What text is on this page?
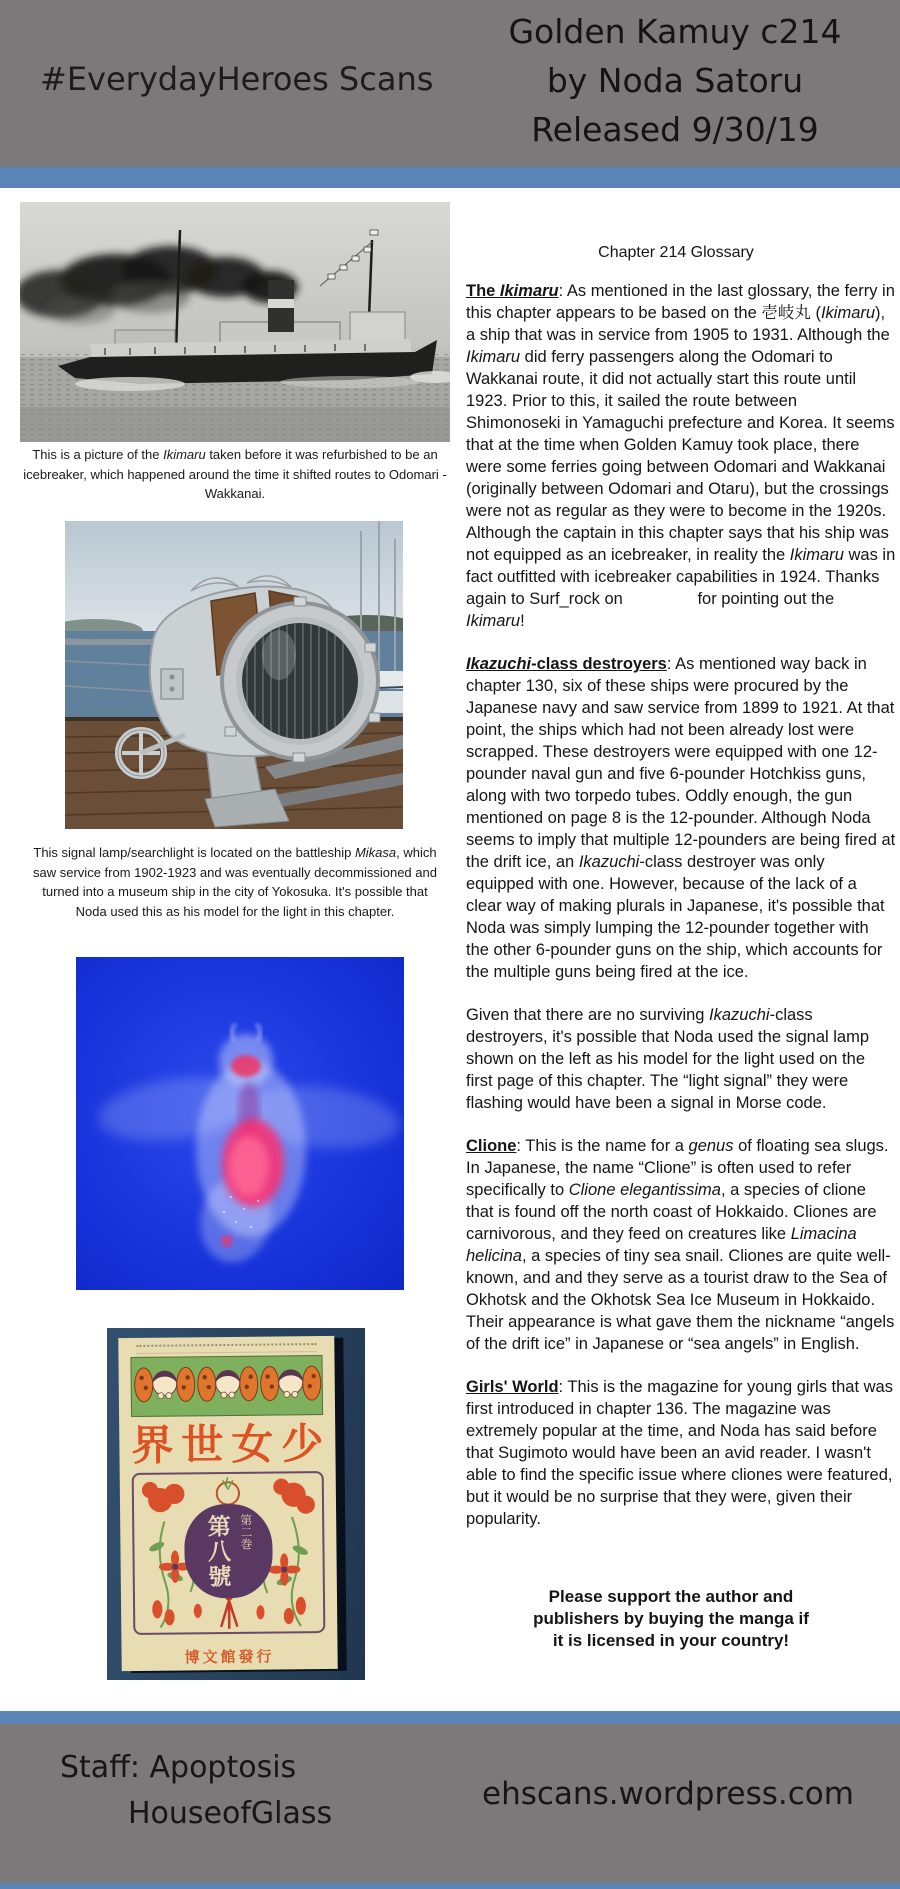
#EverydayHeroes Scans
Golden Kamuy c214
by Noda Satoru
Released 9/30/19
This is a picture of the Ikimaru taken before it was refurbished to be an icebreaker, which happened around the time it shifted routes to Odomari - Wakkanai.
This signal lamp/searchlight is located on the battleship Mikasa, which saw service from 1902-1923 and was eventually decommissioned and turned into a museum ship in the city of Yokosuka. It's possible that Noda used this as his model for the light in this chapter.
界世女少
第二巻
第八號
博文館發行
Chapter 214 Glossary

The Ikimaru: As mentioned in the last glossary, the ferry in this chapter appears to be based on the 壱岐丸 (Ikimaru), a ship that was in service from 1905 to 1931. Although the Ikimaru did ferry passengers along the Odomari to Wakkanai route, it did not actually start this route until 1923. Prior to this, it sailed the route between Shimonoseki in Yamaguchi prefecture and Korea. It seems that at the time when Golden Kamuy took place, there were some ferries going between Odomari and Wakkanai (originally between Odomari and Otaru), but the crossings were not as regular as they were to become in the 1920s. Although the captain in this chapter says that his ship was not equipped as an icebreaker, in reality the Ikimaru was in fact outfitted with icebreaker capabilities in 1924. Thanks again to Surf_rock on	for pointing out the Ikimaru!

Ikazuchi-class destroyers: As mentioned way back in chapter 130, six of these ships were procured by the Japanese navy and saw service from 1899 to 1921. At that point, the ships which had not been already lost were scrapped. These destroyers were equipped with one 12-pounder naval gun and five 6-pounder Hotchkiss guns, along with two torpedo tubes. Oddly enough, the gun mentioned on page 8 is the 12-pounder. Although Noda seems to imply that multiple 12-pounders are being fired at the drift ice, an Ikazuchi-class destroyer was only equipped with one. However, because of the lack of a clear way of making plurals in Japanese, it's possible that Noda was simply lumping the 12-pounder together with the other 6-pounder guns on the ship, which accounts for the multiple guns being fired at the ice.

Given that there are no surviving Ikazuchi-class destroyers, it's possible that Noda used the signal lamp shown on the left as his model for the light used on the first page of this chapter. The “light signal” they were flashing would have been a signal in Morse code.

Clione: This is the name for a genus of floating sea slugs. In Japanese, the name “Clione” is often used to refer specifically to Clione elegantissima, a species of clione that is found off the north coast of Hokkaido. Cliones are carnivorous, and they feed on creatures like Limacina helicina, a species of tiny sea snail. Cliones are quite well-known, and and they serve as a tourist draw to the Sea of Okhotsk and the Okhotsk Sea Ice Museum in Hokkaido. Their appearance is what gave them the nickname “angels of the drift ice” in Japanese or “sea angels” in English.

Girls' World: This is the magazine for young girls that was first introduced in chapter 136. The magazine was extremely popular at the time, and Noda has said before that Sugimoto would have been an avid reader. I wasn't able to find the specific issue where cliones were featured, but it would be no surprise that they were, given their popularity.

Please support the author and
publishers by buying the manga if
it is licensed in your country!
Staff: Apoptosis
HouseofGlass
ehscans.wordpress.com
